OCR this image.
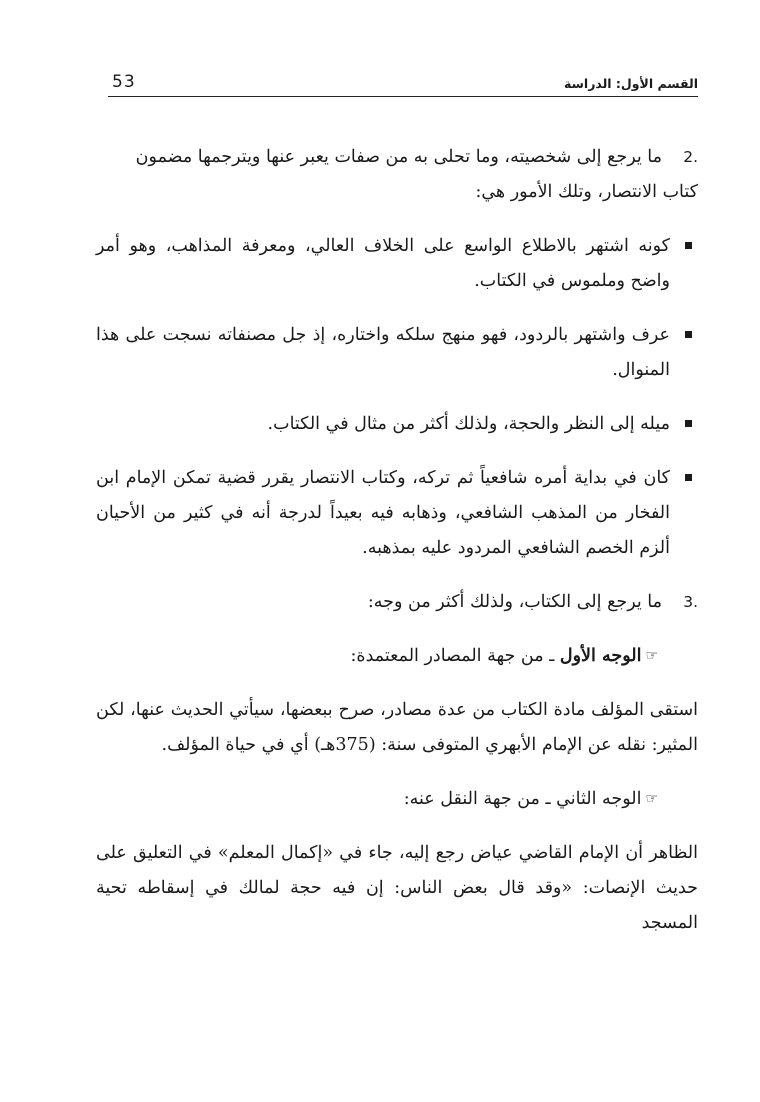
53	القسم الأول: الدراسة
2.
ما يرجع إلى شخصيته، وما تحلى به من صفات يعبر عنها ويترجمها مضمون
كتاب الانتصار، وتلك الأمور هي:
كونه اشتهر بالاطلاع الواسع على الخلاف العالي، ومعرفة المذاهب، وهو أمر واضح وملموس في الكتاب.
عرف واشتهر بالردود، فهو منهج سلكه واختاره، إذ جل مصنفاته نسجت على هذا المنوال.
ميله إلى النظر والحجة، ولذلك أكثر من مثال في الكتاب.
كان في بداية أمره شافعياً ثم تركه، وكتاب الانتصار يقرر قضية تمكن الإمام ابن الفخار من المذهب الشافعي، وذهابه فيه بعيداً لدرجة أنه في كثير من الأحيان ألزم الخصم الشافعي المردود عليه بمذهبه.
3.
ما يرجع إلى الكتاب، ولذلك أكثر من وجه:
☞الوجه الأول ـ من جهة المصادر المعتمدة:

استقى المؤلف مادة الكتاب من عدة مصادر، صرح ببعضها، سيأتي الحديث عنها، لكن المثير: نقله عن الإمام الأبهري المتوفى سنة: (375هـ) أي في حياة المؤلف.

☞الوجه الثاني ـ من جهة النقل عنه:

الظاهر أن الإمام القاضي عياض رجع إليه، جاء في «إكمال المعلم» في التعليق على حديث الإنصات: «وقد قال بعض الناس: إن فيه حجة لمالك في إسقاطه تحية المسجد
